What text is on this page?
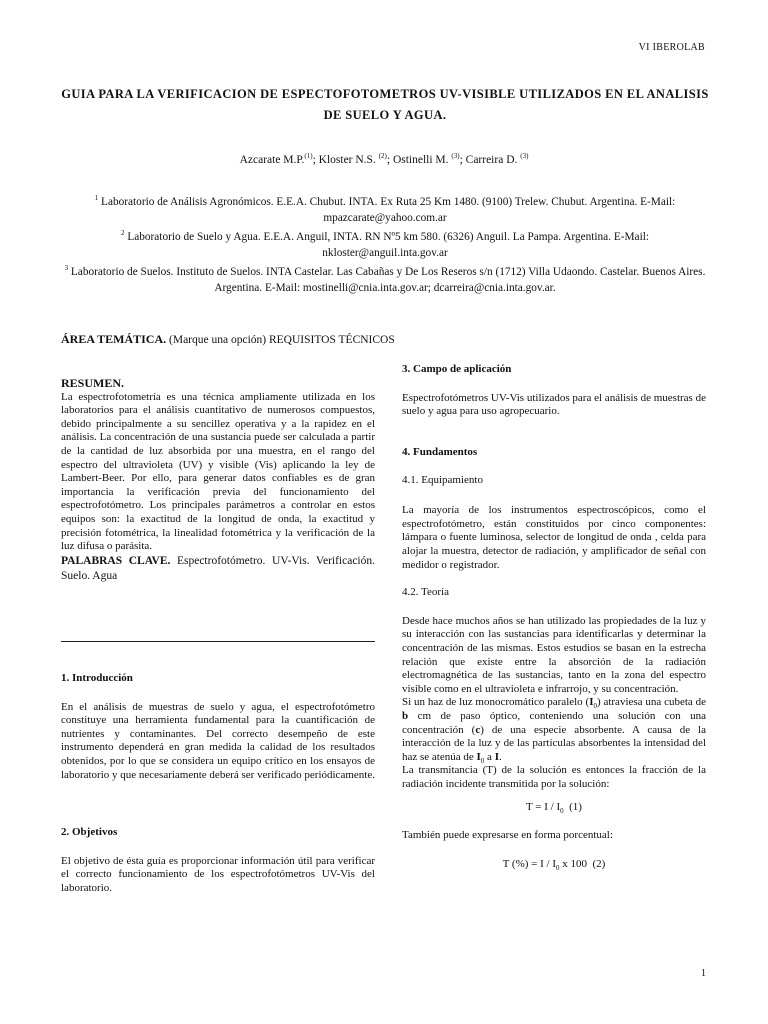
VI IBEROLAB
GUIA PARA LA VERIFICACION DE ESPECTOFOTOMETROS UV-VISIBLE UTILIZADOS EN EL ANALISIS
DE SUELO Y AGUA.
Azcarate M.P.$^{(1)}$; Kloster N.S. $^{(2)}$; Ostinelli M. $^{(3)}$; Carreira D. $^{(3)}$

$^1$ Laboratorio de Análisis Agronómicos. E.E.A. Chubut. INTA. Ex Ruta 25 Km 1480. (9100) Trelew. Chubut. Argentina. E-Mail: mpazcarate@yahoo.com.ar

$^2$ Laboratorio de Suelo y Agua. E.E.A. Anguil, INTA. RN Nº5 km 580. (6326) Anguil. La Pampa. Argentina. E-Mail: nkloster@anguil.inta.gov.ar

$^3$ Laboratorio de Suelos. Instituto de Suelos. INTA Castelar. Las Cabañas y De Los Reseros s/n (1712) Villa Udaondo. Castelar. Buenos Aires. Argentina. E-Mail: mostinelli@cnia.inta.gov.ar; dcarreira@cnia.inta.gov.ar.

ÁREA TEMÁTICA. (Marque una opción) REQUISITOS TÉCNICOS

RESUMEN.

La espectrofotometría es una técnica ampliamente utilizada en los laboratorios para el análisis cuantitativo de numerosos compuestos, debido principalmente a su sencillez operativa y a la rapidez en el análisis. La concentración de una sustancia puede ser calculada a partir de la cantidad de luz absorbida por una muestra, en el rango del espectro del ultravioleta (UV) y visible (Vis) aplicando la ley de Lambert-Beer. Por ello, para generar datos confiables es de gran importancia la verificación previa del funcionamiento del espectrofotómetro. Los principales parámetros a controlar en estos equipos son: la exactitud de la longitud de onda, la exactitud y precisión fotométrica, la linealidad fotométrica y la verificación de la luz difusa o parásita.

PALABRAS CLAVE. Espectrofotómetro. UV-Vis. Verificación. Suelo. Agua

1. Introducción

En el análisis de muestras de suelo y agua, el espectrofotómetro constituye una herramienta fundamental para la cuantificación de nutrientes y contaminantes. Del correcto desempeño de este instrumento dependerá en gran medida la calidad de los resultados obtenidos, por lo que se considera un equipo crítico en los ensayos de laboratorio y que necesariamente deberá ser verificado periódicamente.

2. Objetivos

El objetivo de ésta guía es proporcionar información útil para verificar el correcto funcionamiento de los espectrofotómetros UV-Vis del laboratorio.

3. Campo de aplicación

Espectrofotómetros UV-Vis utilizados para el análisis de muestras de suelo y agua para uso agropecuario.

4. Fundamentos

4.1. Equipamiento

La mayoría de los instrumentos espectroscópicos, como el espectrofotómetro, están constituidos por cinco componentes: lámpara o fuente luminosa, selector de longitud de onda , celda para alojar la muestra, detector de radiación, y amplificador de señal con medidor o registrador.

4.2. Teoría

Desde hace muchos años se han utilizado las propiedades de la luz y su interacción con las sustancias para identificarlas y determinar la concentración de las mismas. Estos estudios se basan en la estrecha relación que existe entre la absorción de la radiación electromagnética de las sustancias, tanto en la zona del espectro visible como en el ultravioleta e infrarrojo, y su concentración.

Si un haz de luz monocromático paralelo $(I_0)$ atraviesa una cubeta de b cm de paso óptico, conteniendo una solución con una concentración (c) de una especie absorbente. A causa de la interacción de la luz y de las partículas absorbentes la intensidad del haz se atenúa de $I_0$ a I.

La transmitancia (T) de la solución es entonces la fracción de la radiación incidente transmitida por la solución:

$T = I / I_0$  (1)

También puede expresarse en forma porcentual:

T (%) = I / $I_0$ x 100  (2)

1
